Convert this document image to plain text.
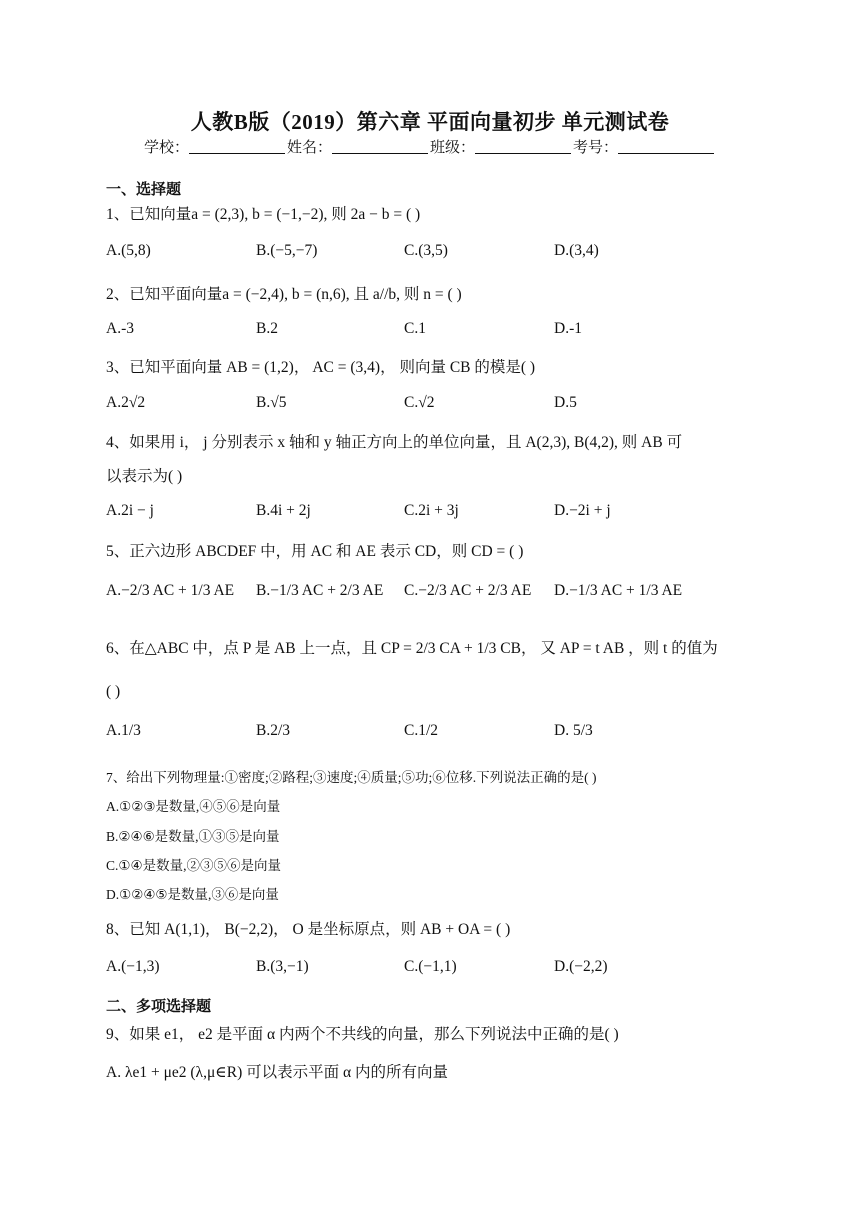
人教B版（2019）第六章 平面向量初步 单元测试卷
学校：	姓名：	班级：	考号：
一、选择题
1、已知向量a = (2,3), b = (−1,−2), 则 2a − b = ( )
A.(5,8)	B.(−5,−7)	C.(3,5)	D.(3,4)
2、已知平面向量a = (−2,4), b = (n,6), 且 a//b, 则 n = ( )
A.-3	B.2	C.1	D.-1
3、已知平面向量 AB = (1,2)， AC = (3,4)， 则向量 CB 的模是( )
A.2√2	B.√5	C.√2	D.5
4、如果用 i， j 分别表示 x 轴和 y 轴正方向上的单位向量，且 A(2,3), B(4,2), 则 AB 可
以表示为( )
A.2i − j	B.4i + 2j	C.2i + 3j	D.−2i + j
5、正六边形 ABCDEF 中，用 AC 和 AE 表示 CD，则 CD = ( )
A.−2/3 AC + 1/3 AE B.−1/3 AC + 2/3 AE C.−2/3 AC + 2/3 AE D.−1/3 AC + 1/3 AE
6、在△ABC 中，点 P 是 AB 上一点，且 CP = 2/3 CA + 1/3 CB， 又 AP = t AB ，则 t 的值为
( )
A.1/3	B.2/3	C.1/2	D. 5/3
7、给出下列物理量:①密度;②路程;③速度;④质量;⑤功;⑥位移.下列说法正确的是( )
A.①②③是数量,④⑤⑥是向量
B.②④⑥是数量,①③⑤是向量
C.①④是数量,②③⑤⑥是向量
D.①②④⑤是数量,③⑥是向量
8、已知 A(1,1)， B(−2,2)， O 是坐标原点，则 AB + OA = ( )
A.(−1,3)	B.(3,−1)	C.(−1,1)	D.(−2,2)
二、多项选择题
9、如果 e1， e2 是平面 α 内两个不共线的向量，那么下列说法中正确的是( )
A. λe1 + μe2 (λ,μ∈R) 可以表示平面 α 内的所有向量
